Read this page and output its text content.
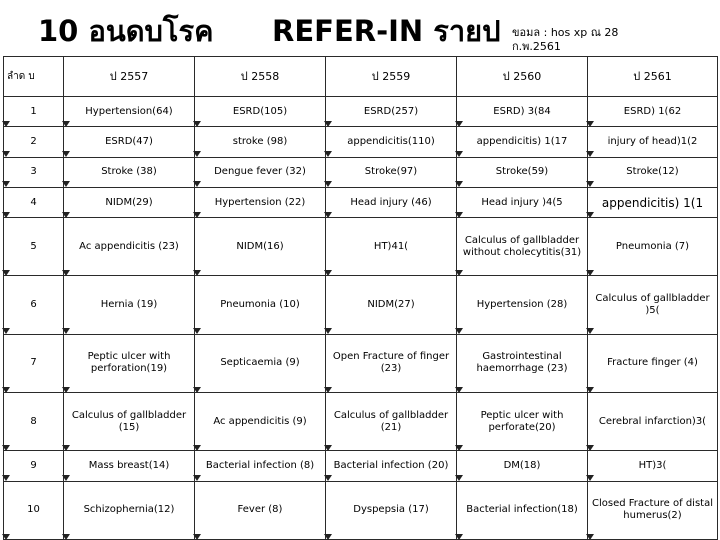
10 อนดบโรค REFER-IN รายป ขอมล : hos xp ณ 28
ก.พ.2561
ลำด บ	ป 2557	ป 2558	ป 2559	ป 2560	ป 2561
1	Hypertension(64)	ESRD(105)	ESRD(257)	ESRD) 3(84	ESRD) 1(62
2	ESRD(47)	stroke (98)	appendicitis(110)	appendicitis) 1(17	injury of head)1(2
3	Stroke (38)	Dengue fever (32)	Stroke(97)	Stroke(59)	Stroke(12)
4	NIDM(29)	Hypertension (22)	Head injury (46)	Head injury )4(5	appendicitis) 1(1
5	Ac appendicitis (23)	NIDM(16)	HT)41(	Calculus of gallbladder without cholecytitis(31)	Pneumonia (7)
6	Hernia (19)	Pneumonia (10)	NIDM(27)	Hypertension (28)	Calculus of gallbladder )5(
7	Peptic ulcer with perforation(19)	Septicaemia (9)	Open Fracture of finger (23)	Gastrointestinal haemorrhage (23)	Fracture finger (4)
8	Calculus of gallbladder (15)	Ac appendicitis (9)	Calculus of gallbladder (21)	Peptic ulcer with perforate(20)	Cerebral infarction)3(
9	Mass breast(14)	Bacterial infection (8)	Bacterial infection (20)	DM(18)	HT)3(
10	Schizophernia(12)	Fever (8)	Dyspepsia (17)	Bacterial infection(18)	Closed Fracture of distal humerus(2)
